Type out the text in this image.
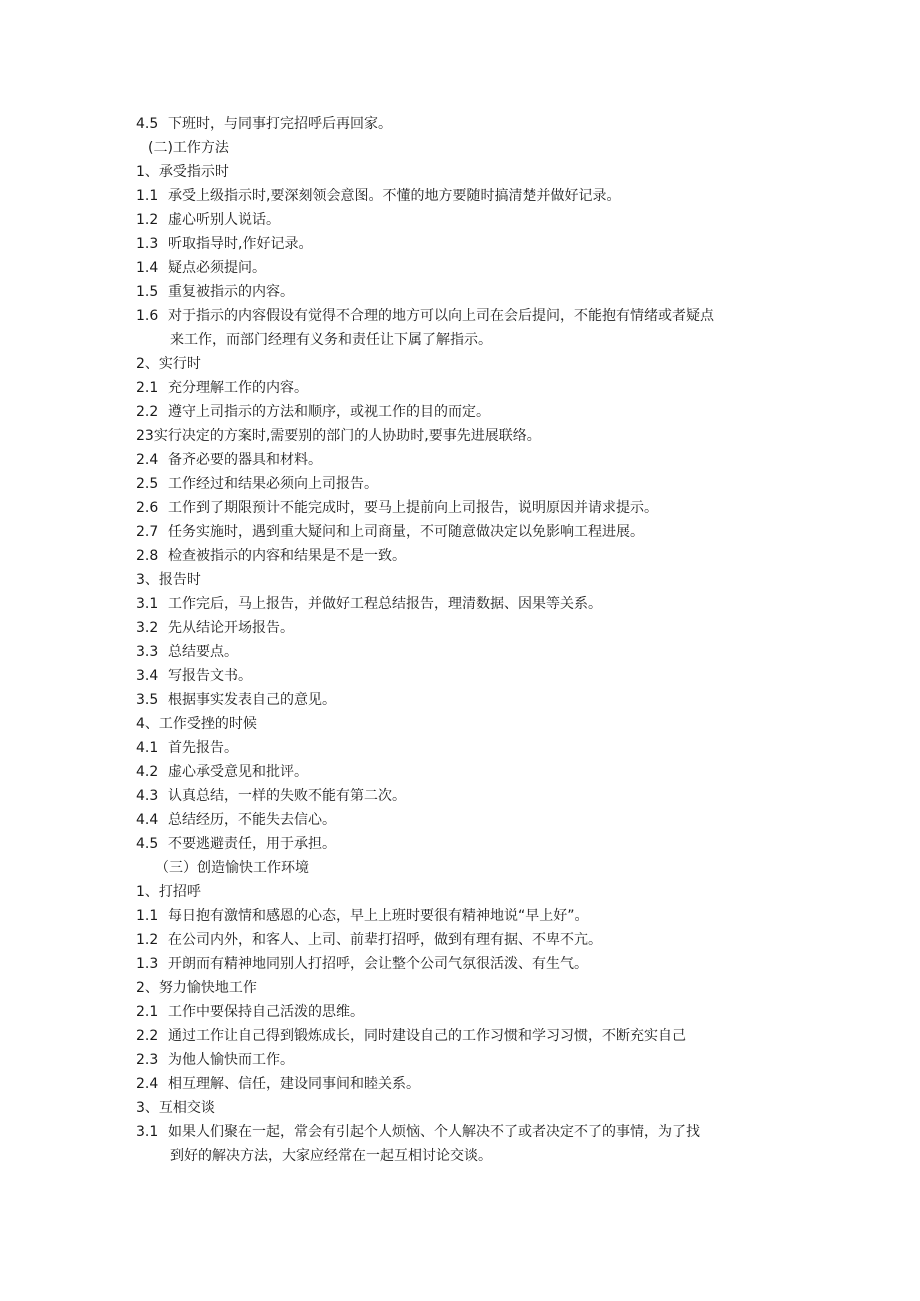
4.5 下班时，与同事打完招呼后再回家。
(二)工作方法
1、承受指示时
1.1 承受上级指示时,要深刻领会意图。不懂的地方要随时搞清楚并做好记录。
1.2 虚心听别人说话。
1.3 听取指导时,作好记录。
1.4 疑点必须提问。
1.5 重复被指示的内容。
1.6 对于指示的内容假设有觉得不合理的地方可以向上司在会后提问，不能抱有情绪或者疑点
来工作，而部门经理有义务和责任让下属了解指示。
2、实行时
2.1 充分理解工作的内容。
2.2 遵守上司指示的方法和顺序，或视工作的目的而定。
23实行决定的方案时,需要别的部门的人协助时,要事先进展联络。
2.4 备齐必要的器具和材料。
2.5 工作经过和结果必须向上司报告。
2.6 工作到了期限预计不能完成时，要马上提前向上司报告，说明原因并请求提示。
2.7 任务实施时，遇到重大疑问和上司商量，不可随意做决定以免影响工程进展。
2.8 检查被指示的内容和结果是不是一致。
3、报告时
3.1 工作完后，马上报告，并做好工程总结报告，理清数据、因果等关系。
3.2 先从结论开场报告。
3.3 总结要点。
3.4 写报告文书。
3.5 根据事实发表自己的意见。
4、工作受挫的时候
4.1 首先报告。
4.2 虚心承受意见和批评。
4.3 认真总结，一样的失败不能有第二次。
4.4 总结经历，不能失去信心。
4.5 不要逃避责任，用于承担。
（三）创造愉快工作环境
1、打招呼
1.1 每日抱有激情和感恩的心态，早上上班时要很有精神地说“早上好”。
1.2 在公司内外，和客人、上司、前辈打招呼，做到有理有据、不卑不亢。
1.3 开朗而有精神地同别人打招呼，会让整个公司气氛很活泼、有生气。
2、努力愉快地工作
2.1 工作中要保持自己活泼的思维。
2.2 通过工作让自己得到锻炼成长，同时建设自己的工作习惯和学习习惯，不断充实自己
2.3 为他人愉快而工作。
2.4 相互理解、信任，建设同事间和睦关系。
3、互相交谈
3.1 如果人们聚在一起，常会有引起个人烦恼、个人解决不了或者决定不了的事情，为了找
到好的解决方法，大家应经常在一起互相讨论交谈。
